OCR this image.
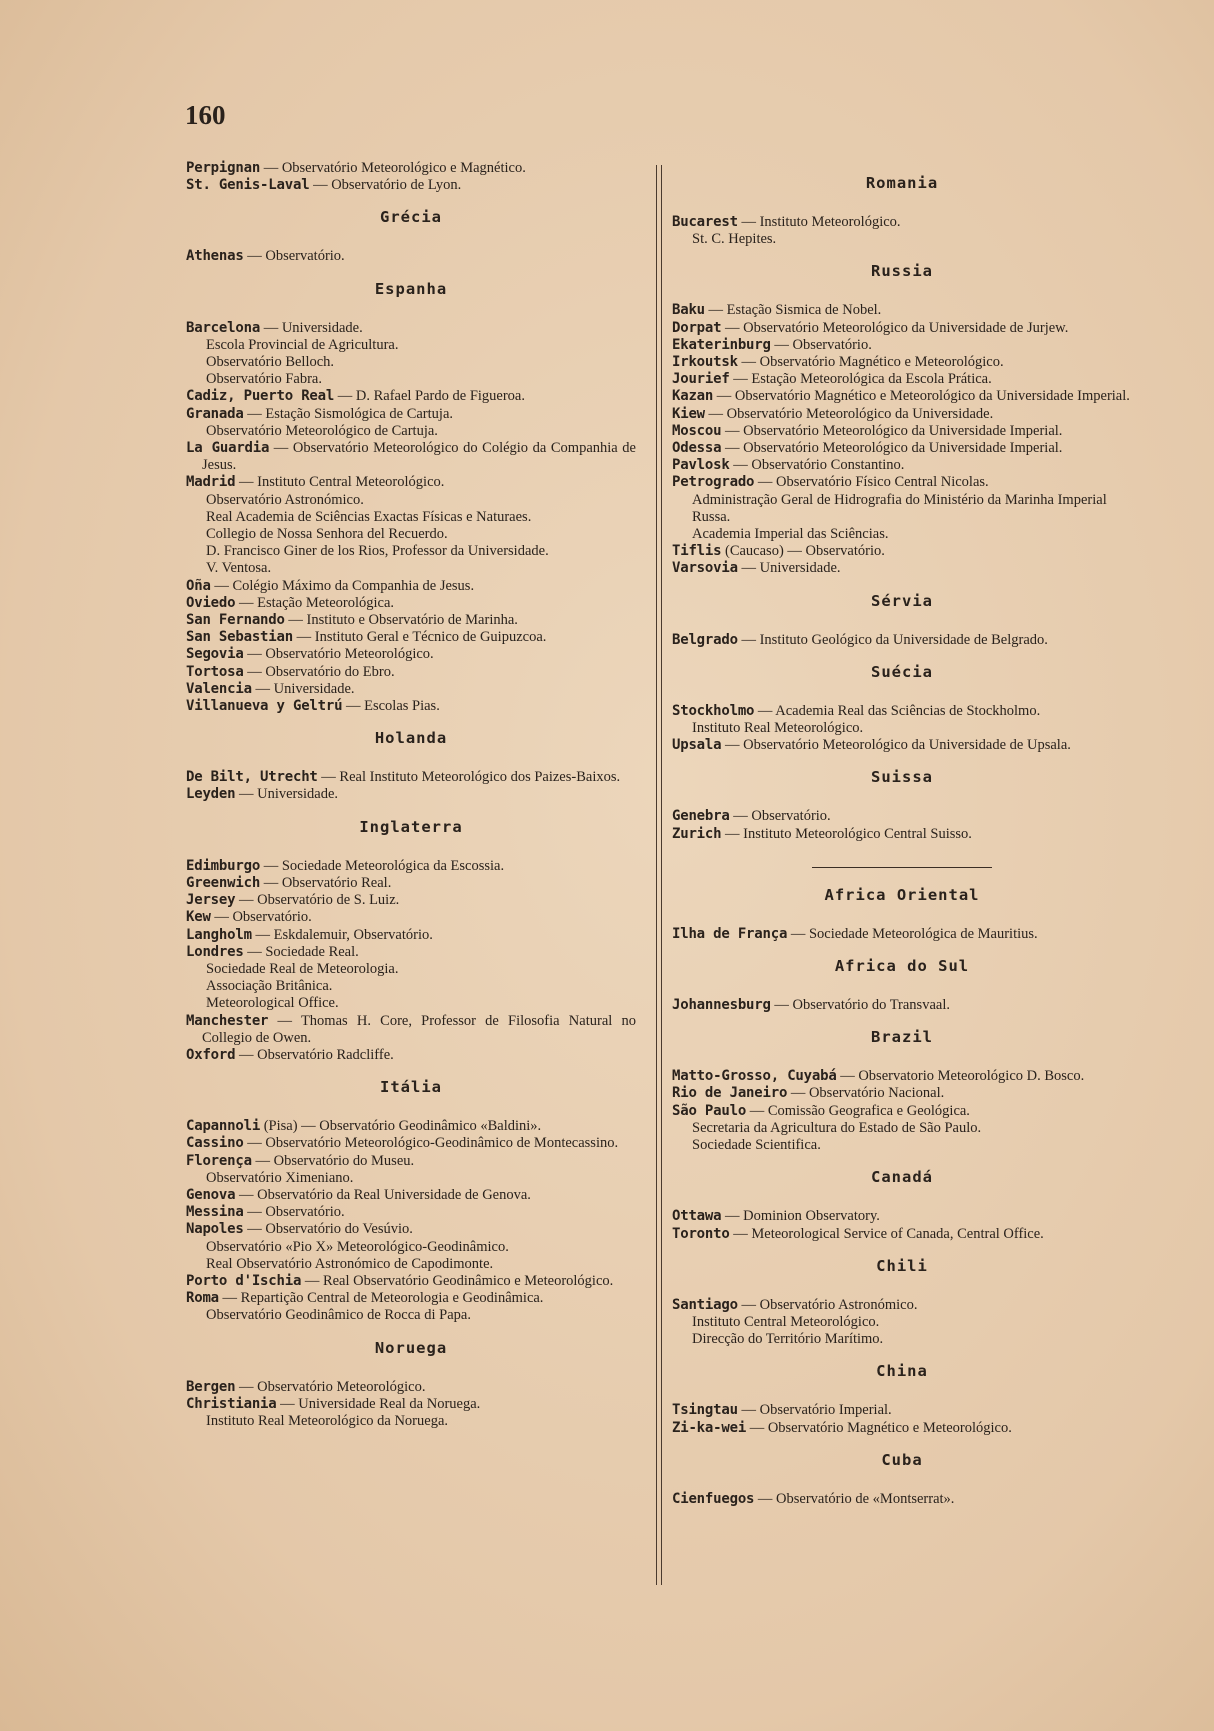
160
Perpignan — Observatório Meteorológico e Magnético.
St. Genis-Laval — Observatório de Lyon.
Grécia
Athenas — Observatório.
Espanha
Barcelona — Universidade.
Escola Provincial de Agricultura.
Observatório Belloch.
Observatório Fabra.
Cadiz, Puerto Real — D. Rafael Pardo de Figueroa.
Granada — Estação Sismológica de Cartuja.
Observatório Meteorológico de Cartuja.
La Guardia — Observatório Meteorológico do Colégio da Companhia de Jesus.
Madrid — Instituto Central Meteorológico.
Observatório Astronómico.
Real Academia de Sciências Exactas Físicas e Naturaes.
Collegio de Nossa Senhora del Recuerdo.
D. Francisco Giner de los Rios, Professor da Universidade.
V. Ventosa.
Oña — Colégio Máximo da Companhia de Jesus.
Oviedo — Estação Meteorológica.
San Fernando — Instituto e Observatório de Marinha.
San Sebastian — Instituto Geral e Técnico de Guipuzcoa.
Segovia — Observatório Meteorológico.
Tortosa — Observatório do Ebro.
Valencia — Universidade.
Villanueva y Geltrú — Escolas Pias.
Holanda
De Bilt, Utrecht — Real Instituto Meteorológico dos Paizes-Baixos.
Leyden — Universidade.
Inglaterra
Edimburgo — Sociedade Meteorológica da Escossia.
Greenwich — Observatório Real.
Jersey — Observatório de S. Luiz.
Kew — Observatório.
Langholm — Eskdalemuir, Observatório.
Londres — Sociedade Real.
Sociedade Real de Meteorologia.
Associação Britânica.
Meteorological Office.
Manchester — Thomas H. Core, Professor de Filosofia Natural no Collegio de Owen.
Oxford — Observatório Radcliffe.
Itália
Capannoli (Pisa) — Observatório Geodinâmico «Baldini».
Cassino — Observatório Meteorológico-Geodinâmico de Montecassino.
Florença — Observatório do Museu.
Observatório Ximeniano.
Genova — Observatório da Real Universidade de Genova.
Messina — Observatório.
Napoles — Observatório do Vesúvio.
Observatório «Pio X» Meteorológico-Geodinâmico.
Real Observatório Astronómico de Capodimonte.
Porto d'Ischia — Real Observatório Geodinâmico e Meteorológico.
Roma — Repartição Central de Meteorologia e Geodinâmica.
Observatório Geodinâmico de Rocca di Papa.
Noruega
Bergen — Observatório Meteorológico.
Christiania — Universidade Real da Noruega.
Instituto Real Meteorológico da Noruega.
Romania
Bucarest — Instituto Meteorológico.
St. C. Hepites.
Russia
Baku — Estação Sismica de Nobel.
Dorpat — Observatório Meteorológico da Universidade de Jurjew.
Ekaterinburg — Observatório.
Irkoutsk — Observatório Magnético e Meteorológico.
Jourief — Estação Meteorológica da Escola Prática.
Kazan — Observatório Magnético e Meteorológico da Universidade Imperial.
Kiew — Observatório Meteorológico da Universidade.
Moscou — Observatório Meteorológico da Universidade Imperial.
Odessa — Observatório Meteorológico da Universidade Imperial.
Pavlosk — Observatório Constantino.
Petrogrado — Observatório Físico Central Nicolas.
Administração Geral de Hidrografia do Ministério da Marinha Imperial Russa.
Academia Imperial das Sciências.
Tiflis (Caucaso) — Observatório.
Varsovia — Universidade.
Sérvia
Belgrado — Instituto Geológico da Universidade de Belgrado.
Suécia
Stockholmo — Academia Real das Sciências de Stockholmo.
Instituto Real Meteorológico.
Upsala — Observatório Meteorológico da Universidade de Upsala.
Suissa
Genebra — Observatório.
Zurich — Instituto Meteorológico Central Suisso.
Africa Oriental
Ilha de França — Sociedade Meteorológica de Mauritius.
Africa do Sul
Johannesburg — Observatório do Transvaal.
Brazil
Matto-Grosso, Cuyabá — Observatorio Meteorológico D. Bosco.
Rio de Janeiro — Observatório Nacional.
São Paulo — Comissão Geografica e Geológica.
Secretaria da Agricultura do Estado de São Paulo.
Sociedade Scientifica.
Canadá
Ottawa — Dominion Observatory.
Toronto — Meteorological Service of Canada, Central Office.
Chili
Santiago — Observatório Astronómico.
Instituto Central Meteorológico.
Direcção do Território Marítimo.
China
Tsingtau — Observatório Imperial.
Zi-ka-wei — Observatório Magnético e Meteorológico.
Cuba
Cienfuegos — Observatório de «Montserrat».
